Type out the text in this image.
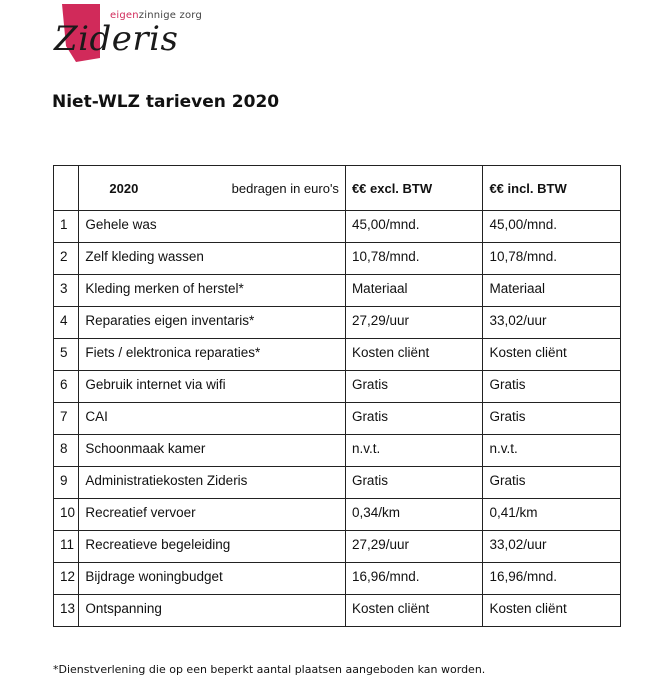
eigenzinnige zorg
Zideris
Niet-WLZ tarieven 2020
	2020 bedragen in euro's	€€ excl. BTW	€€ incl. BTW
1	Gehele was	45,00/mnd.	45,00/mnd.
2	Zelf kleding wassen	10,78/mnd.	10,78/mnd.
3	Kleding merken of herstel*	Materiaal	Materiaal
4	Reparaties eigen inventaris*	27,29/uur	33,02/uur
5	Fiets / elektronica reparaties*	Kosten cliënt	Kosten cliënt
6	Gebruik internet via wifi	Gratis	Gratis
7	CAI	Gratis	Gratis
8	Schoonmaak kamer	n.v.t.	n.v.t.
9	Administratiekosten Zideris	Gratis	Gratis
10	Recreatief vervoer	0,34/km	0,41/km
11	Recreatieve begeleiding	27,29/uur	33,02/uur
12	Bijdrage woningbudget	16,96/mnd.	16,96/mnd.
13	Ontspanning	Kosten cliënt	Kosten cliënt
*Dienstverlening die op een beperkt aantal plaatsen aangeboden kan worden.
